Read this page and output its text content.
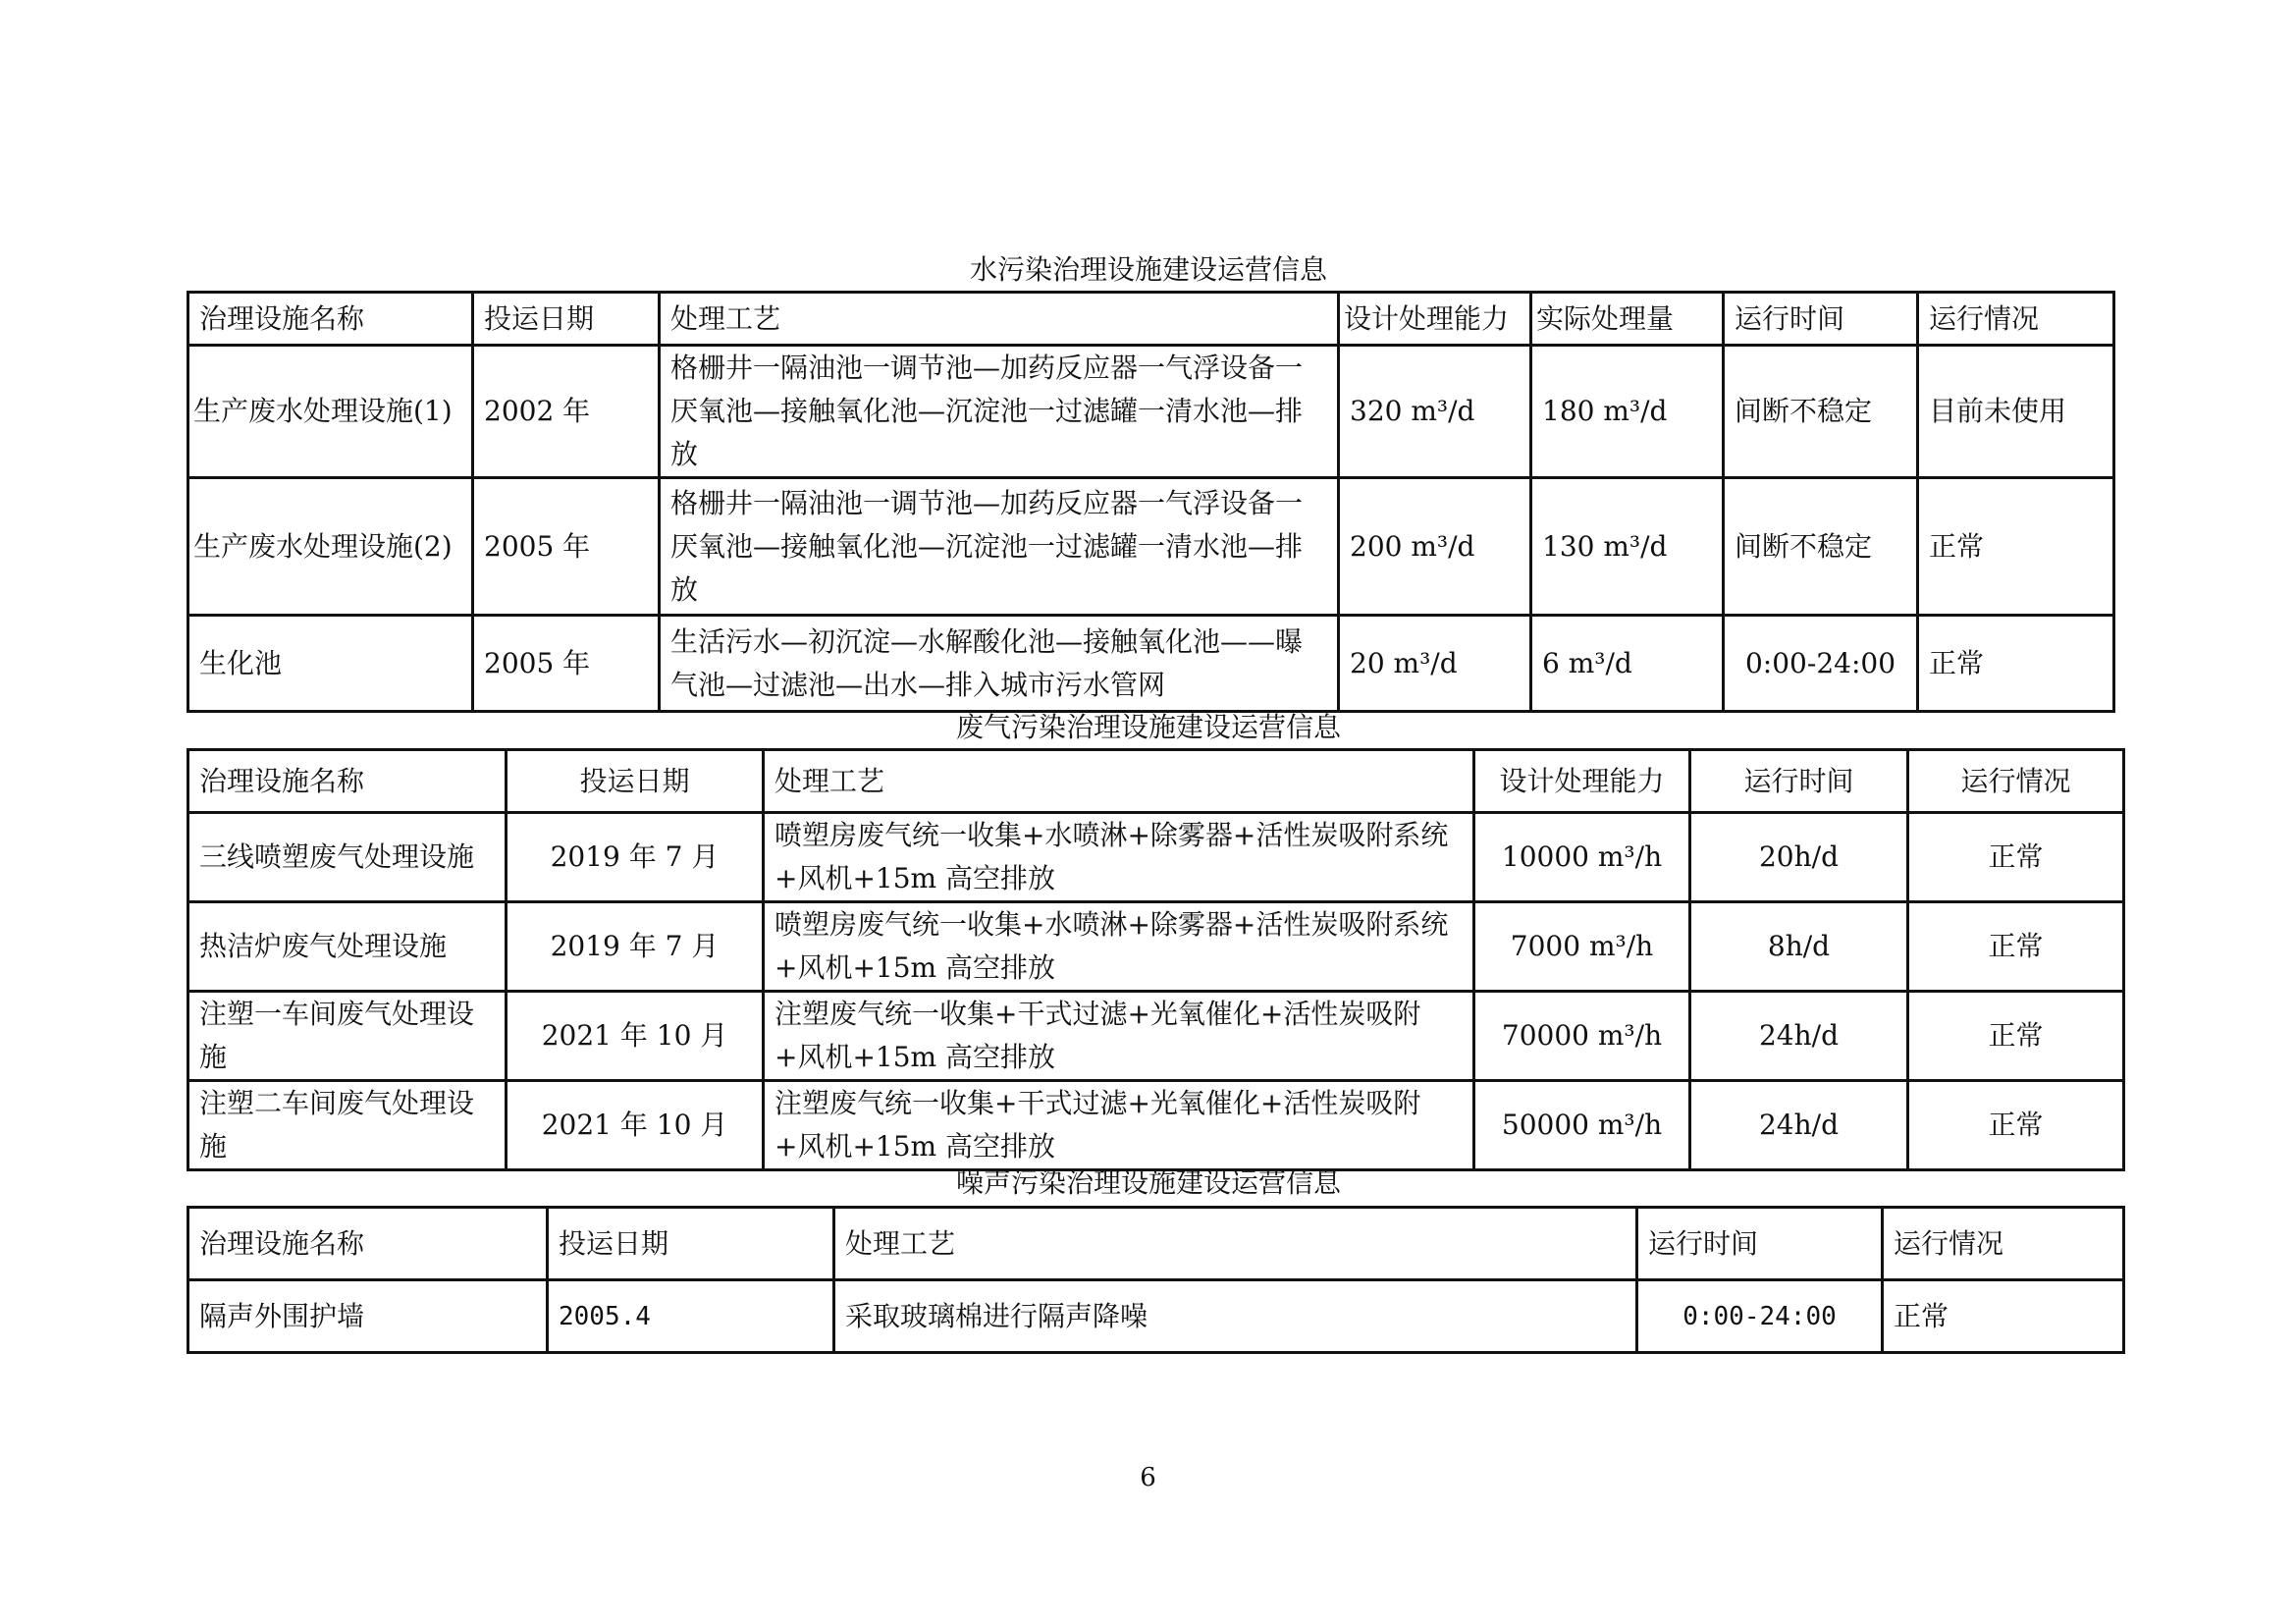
水污染治理设施建设运营信息
治理设施名称	投运日期	处理工艺	设计处理能力	实际处理量	运行时间	运行情况
生产废水处理设施(1)	2002 年	格栅井一隔油池一调节池—加药反应器一气浮设备一厌氧池—接触氧化池—沉淀池一过滤罐一清水池—排放	320 m³/d	180 m³/d	间断不稳定	目前未使用
生产废水处理设施(2)	2005 年	格栅井一隔油池一调节池—加药反应器一气浮设备一厌氧池—接触氧化池—沉淀池一过滤罐一清水池—排放	200 m³/d	130 m³/d	间断不稳定	正常
生化池	2005 年	生活污水—初沉淀—水解酸化池—接触氧化池——曝气池—过滤池—出水—排入城市污水管网	20 m³/d	6 m³/d	0:00-24:00	正常
废气污染治理设施建设运营信息
治理设施名称	投运日期	处理工艺	设计处理能力	运行时间	运行情况
三线喷塑废气处理设施	2019 年 7 月	喷塑房废气统一收集+水喷淋+除雾器+活性炭吸附系统+风机+15m 高空排放	10000 m³/h	20h/d	正常
热洁炉废气处理设施	2019 年 7 月	喷塑房废气统一收集+水喷淋+除雾器+活性炭吸附系统+风机+15m 高空排放	7000 m³/h	8h/d	正常
注塑一车间废气处理设施	2021 年 10 月	注塑废气统一收集+干式过滤+光氧催化+活性炭吸附+风机+15m 高空排放	70000 m³/h	24h/d	正常
注塑二车间废气处理设施	2021 年 10 月	注塑废气统一收集+干式过滤+光氧催化+活性炭吸附+风机+15m 高空排放	50000 m³/h	24h/d	正常
噪声污染治理设施建设运营信息
治理设施名称	投运日期	处理工艺	运行时间	运行情况
隔声外围护墙	2005.4	采取玻璃棉进行隔声降噪	0:00-24:00	正常
6
